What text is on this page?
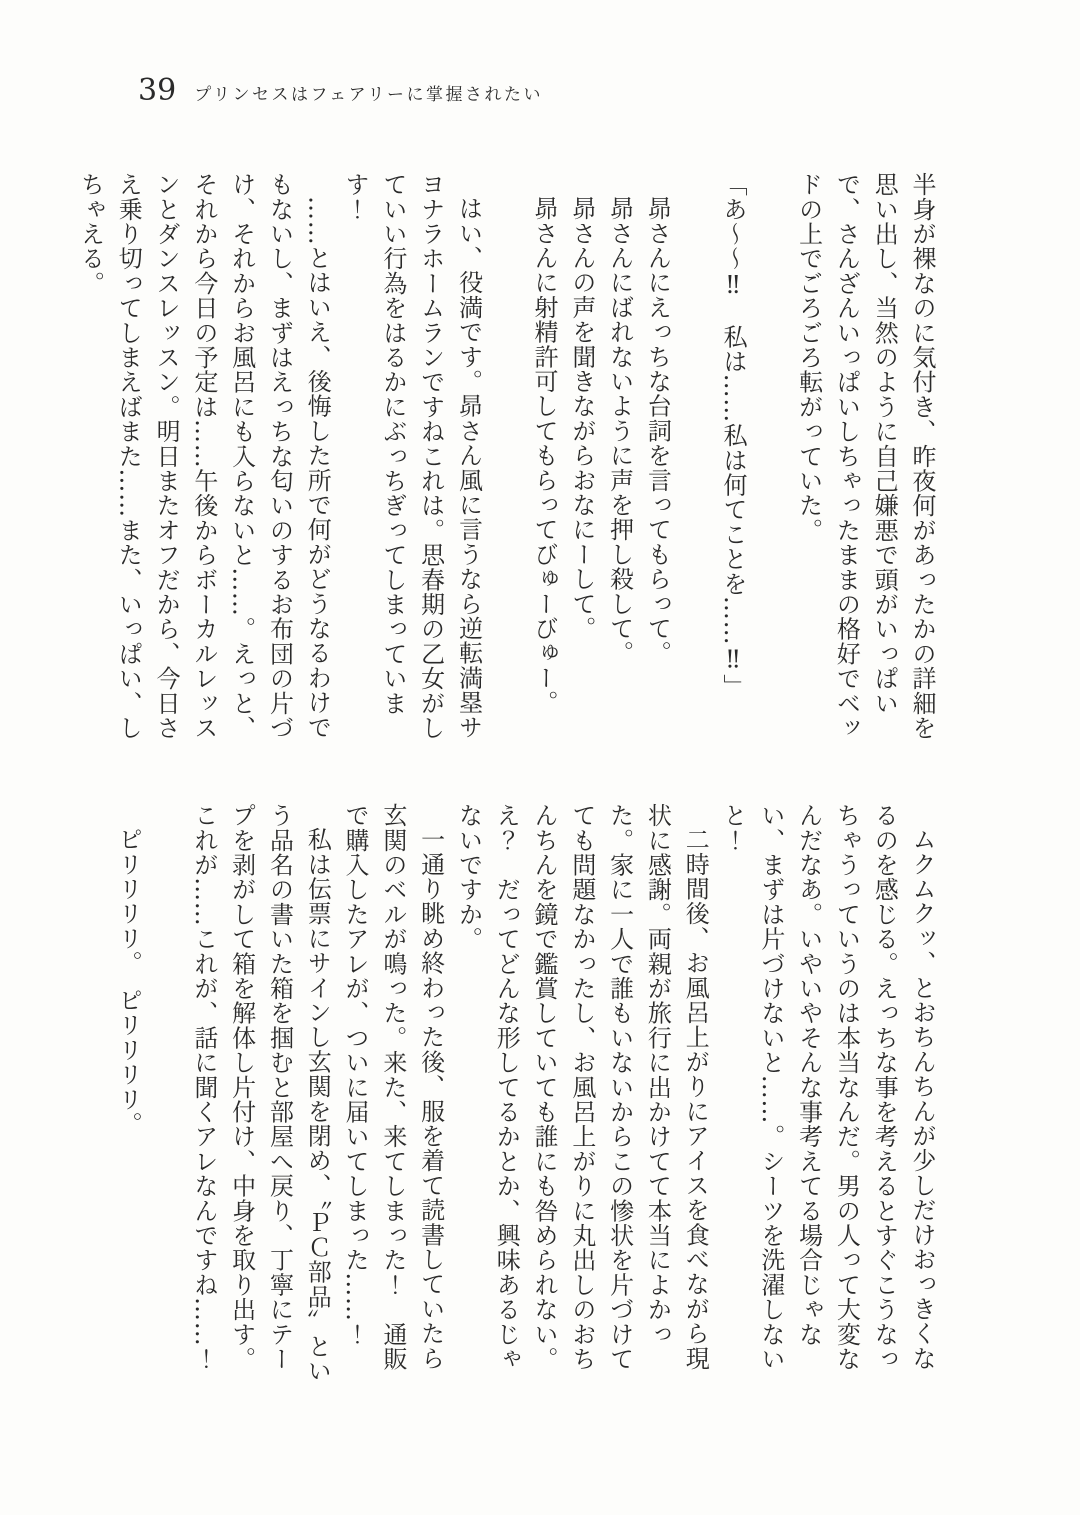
39 プリンセスはフェアリーに掌握されたい

半身が裸なのに気付き、昨夜何があったかの詳細を思い出し、当然のように自己嫌悪で頭がいっぱいで、さんざんいっぱいしちゃったままの格好でベッドの上でごろごろ転がっていた。

「あ〜〜‼　私は……私は何てことを……‼」

昴さんにえっちな台詞を言ってもらって。

昴さんにばれないように声を押し殺して。

昴さんの声を聞きながらおなにーして。

昴さんに射精許可してもらってびゅーびゅー。

はい、役満です。昴さん風に言うなら逆転満塁サヨナラホームランですねこれは。思春期の乙女がしていい行為をはるかにぶっちぎってしまっています！

……とはいえ、後悔した所で何がどうなるわけでもないし、まずはえっちな匂いのするお布団の片づけ、それからお風呂にも入らないと……。えっと、それから今日の予定は……午後からボーカルレッスンとダンスレッスン。明日またオフだから、今日さえ乗り切ってしまえばまた……また、いっぱい、しちゃえる。

ムクムクッ、とおちんちんが少しだけおっきくなるのを感じる。えっちな事を考えるとすぐこうなっちゃうっていうのは本当なんだ。男の人って大変なんだなあ。いやいやそんな事考えてる場合じゃない、まずは片づけないと……。シーツを洗濯しないと！

二時間後、お風呂上がりにアイスを食べながら現状に感謝。両親が旅行に出かけてて本当によかった。家に一人で誰もいないからこの惨状を片づけてても問題なかったし、お風呂上がりに丸出しのおちんちんを鏡で鑑賞していても誰にも咎められない。え？　だってどんな形してるかとか、興味あるじゃないですか。

一通り眺め終わった後、服を着て読書していたら玄関のベルが鳴った。来た、来てしまった！　通販で購入したアレが、ついに届いてしまった……！

私は伝票にサインし玄関を閉め、〝ＰＣ部品〟という品名の書いた箱を掴むと部屋へ戻り、丁寧にテープを剥がして箱を解体し片付け、中身を取り出す。これが……これが、話に聞くアレなんですね……！

ピリリリリ。　ピリリリリ。
